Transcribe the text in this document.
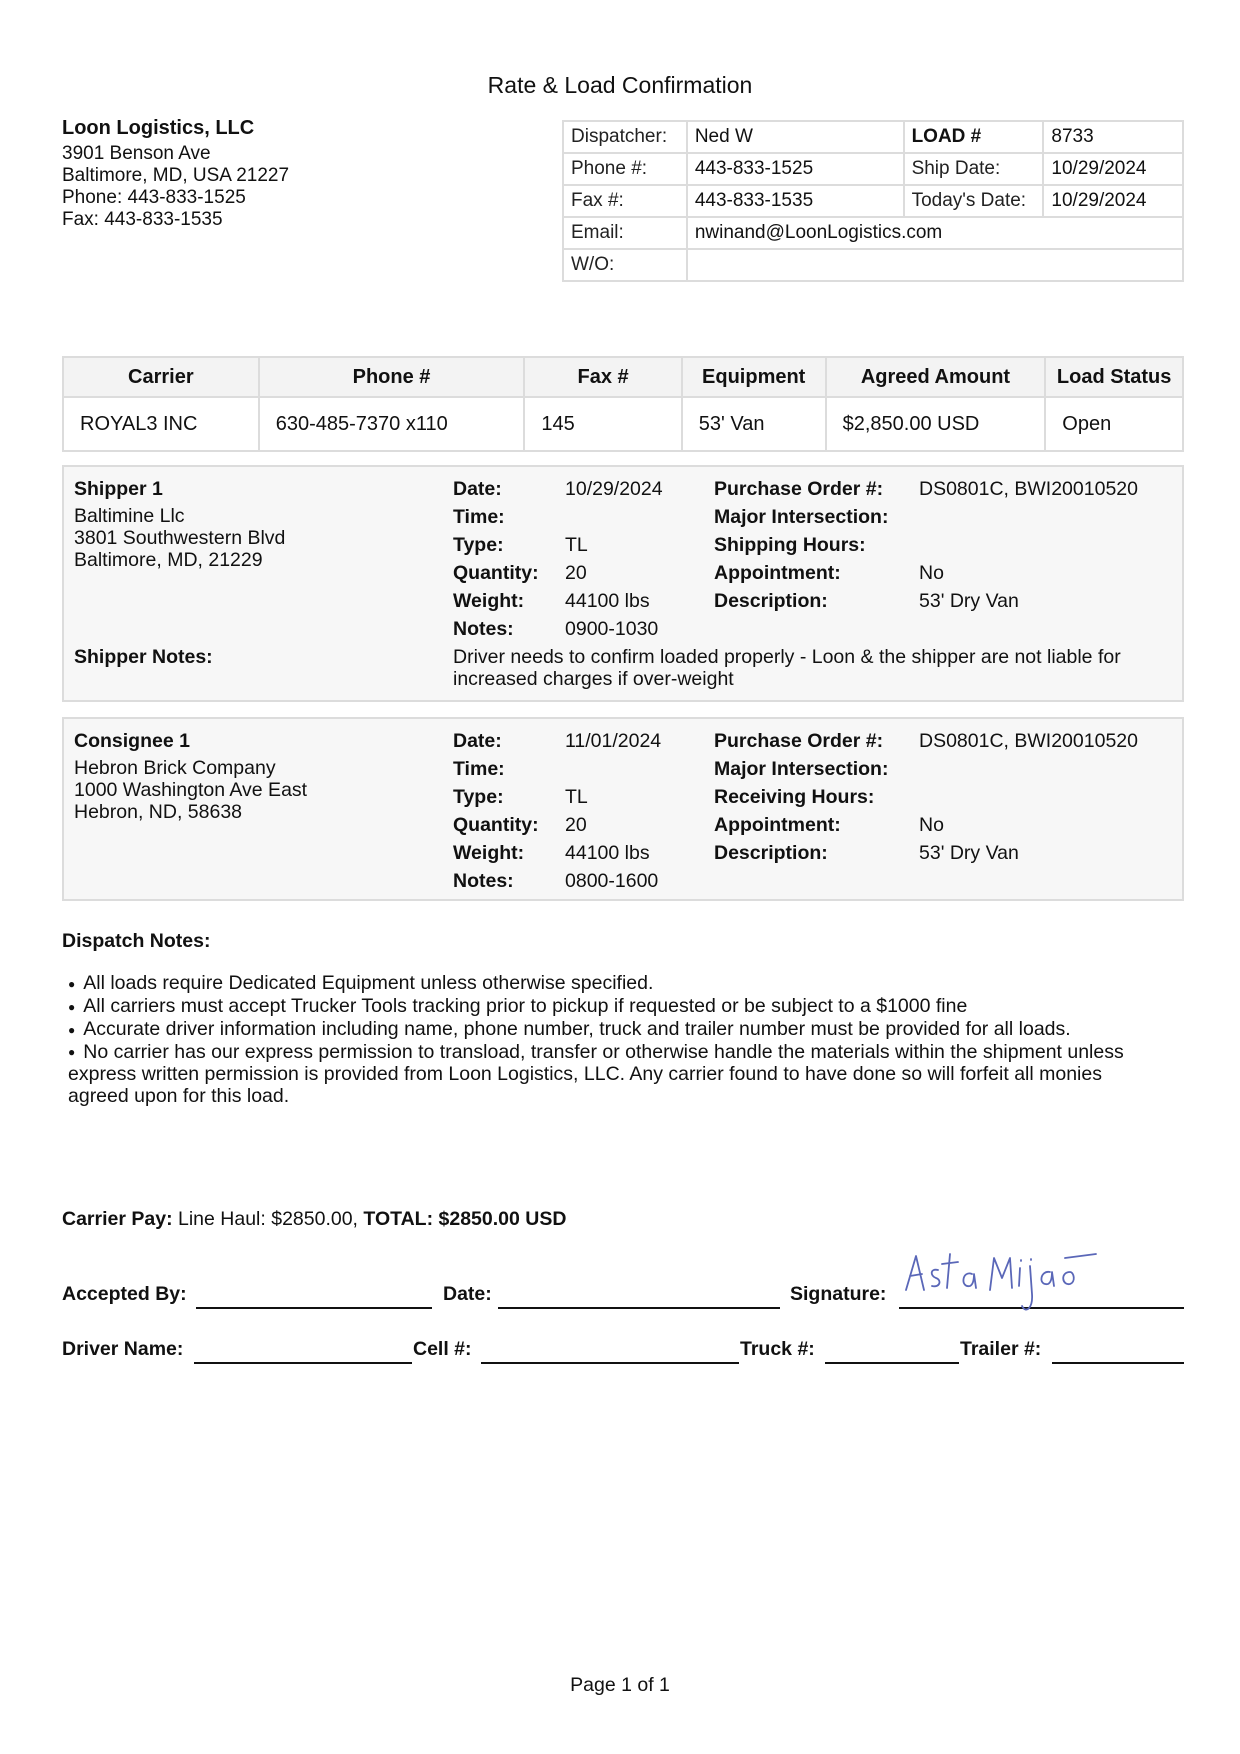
Rate & Load Confirmation
Loon Logistics, LLC
3901 Benson Ave
Baltimore, MD, USA 21227
Phone: 443-833-1525
Fax: 443-833-1535
Dispatcher:	Ned W	LOAD #	8733
Phone #:	443-833-1525	Ship Date:	10/29/2024
Fax #:	443-833-1535	Today's Date:	10/29/2024
Email:	nwinand@LoonLogistics.com		
W/O:			
Carrier	Phone #	Fax #	Equipment	Agreed Amount	Load Status
ROYAL3 INC	630-485-7370 x110	145	53' Van	$2,850.00 USD	Open
Shipper 1
Baltimine Llc
3801 Southwestern Blvd
Baltimore, MD, 21229
Date:	10/29/2024
Time:
Type:	TL
Quantity: 20
Weight: 44100 lbs
Notes:	0900-1030
Purchase Order #: DS0801C, BWI20010520
Major Intersection:
Shipping Hours:
Appointment:	No
Description:	53' Dry Van
Shipper Notes:	Driver needs to confirm loaded properly - Loon & the shipper are not liable for
increased charges if over-weight
Consignee 1
Hebron Brick Company
1000 Washington Ave East
Hebron, ND, 58638
Date:	11/01/2024
Time:
Type:	TL
Quantity: 20
Weight: 44100 lbs
Notes:	0800-1600
Purchase Order #: DS0801C, BWI20010520
Major Intersection:
Receiving Hours:
Appointment:	No
Description:	53' Dry Van
Dispatch Notes:

● All loads require Dedicated Equipment unless otherwise specified.

● All carriers must accept Trucker Tools tracking prior to pickup if requested or be subject to a $1000 fine

● Accurate driver information including name, phone number, truck and trailer number must be provided for all loads.

● No carrier has our express permission to transload, transfer or otherwise handle the materials within the shipment unless express written permission is provided from Loon Logistics, LLC. Any carrier found to have done so will forfeit all monies agreed upon for this load.

Carrier Pay: Line Haul: $2850.00, TOTAL: $2850.00 USD
Accepted By:	Date:	Signature:
Driver Name:	Cell #:	Truck #:	Trailer #:
Page 1 of 1
